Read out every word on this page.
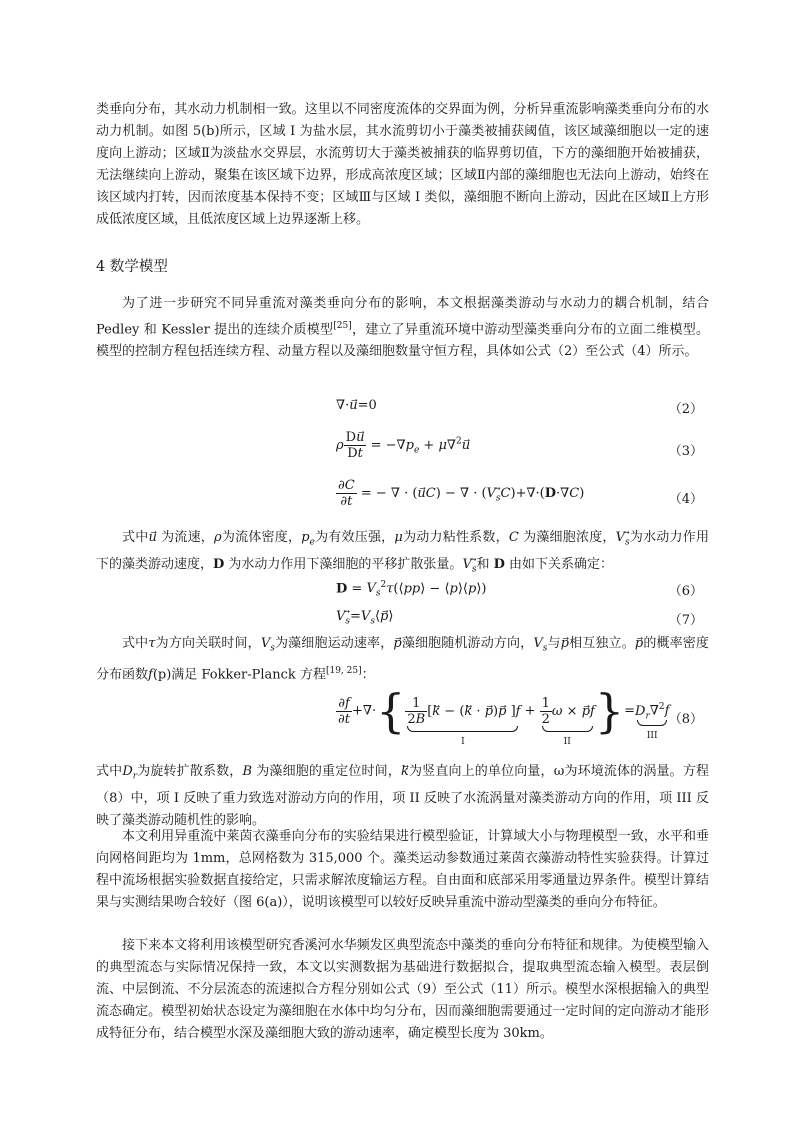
类垂向分布，其水动力机制相一致。这里以不同密度流体的交界面为例，分析异重流影响藻类垂向分布的水动力机制。如图 5(b)所示，区域 I 为盐水层，其水流剪切小于藻类被捕获阈值，该区域藻细胞以一定的速度向上游动；区域Ⅱ为淡盐水交界层，水流剪切大于藻类被捕获的临界剪切值，下方的藻细胞开始被捕获，无法继续向上游动，聚集在该区域下边界，形成高浓度区域；区域Ⅱ内部的藻细胞也无法向上游动，始终在该区域内打转，因而浓度基本保持不变；区域Ⅲ与区域 I 类似，藻细胞不断向上游动，因此在区域Ⅱ上方形成低浓度区域，且低浓度区域上边界逐渐上移。

4 数学模型

为了进一步研究不同异重流对藻类垂向分布的影响，本文根据藻类游动与水动力的耦合机制，结合 Pedley 和 Kessler 提出的连续介质模型[25]，建立了异重流环境中游动型藻类垂向分布的立面二维模型。模型的控制方程包括连续方程、动量方程以及藻细胞数量守恒方程，具体如公式（2）至公式（4）所示。

∇·u⃗=0	（2）
ρ $\frac{Du}{Dt} = -\nabla p_e + \mu\nabla^2u$	（3）
$\frac{\partial C}{\partial t}$ = − ∇ · (uC) − ∇ · $(V_sC)+\nabla\cdot(D\cdot\nabla C)$	（4）

式中u 为流速，ρ为流体密度，$p_e$为有效压强，μ为动力粘性系数，C 为藻细胞浓度，$V_s$为水动力作用下的藻类游动速度，D 为水动力作用下藻细胞的平移扩散张量。$V_s$和 D 由如下关系确定：

$D = V_s^2\tau(⟨pp⟩$ − ⟨p⟩⟨p⟩)	（6）
$V_s⃗=V_s⟨p⃗⟩$	（7）

式中τ为方向关联时间，$V_s$为藻细胞运动速率，p藻细胞随机游动方向，$V_s$与p相互独立。p的概率密度分布函数f(p)满足 Fokker-Planck 方程[19, 25]：

$\frac{\partial f}{\partial t}$ +∇·{ $\frac{1}{2B}$ [k⃗ − (k⃗ · p⃗)p⃗ ]f
I
+ $\frac{1}{2}$ ω × pf
II
}$=D_r\nabla^2f$
III
（8）

式中$D_r$为旋转扩散系数，B 为藻细胞的重定位时间，k为竖直向上的单位向量，ω为环境流体的涡量。方程（8）中，项 I 反映了重力致选对游动方向的作用，项 II 反映了水流涡量对藻类游动方向的作用，项 III 反映了藻类游动随机性的影响。

本文利用异重流中莱茵衣藻垂向分布的实验结果进行模型验证，计算域大小与物理模型一致，水平和垂向网格间距均为 1mm，总网格数为 315,000 个。藻类运动参数通过莱茵衣藻游动特性实验获得。计算过程中流场根据实验数据直接给定，只需求解浓度输运方程。自由面和底部采用零通量边界条件。模型计算结果与实测结果吻合较好（图 6(a)），说明该模型可以较好反映异重流中游动型藻类的垂向分布特征。

接下来本文将利用该模型研究香溪河水华频发区典型流态中藻类的垂向分布特征和规律。为使模型输入的典型流态与实际情况保持一致，本文以实测数据为基础进行数据拟合，提取典型流态输入模型。表层倒流、中层倒流、不分层流态的流速拟合方程分别如公式（9）至公式（11）所示。模型水深根据输入的典型流态确定。模型初始状态设定为藻细胞在水体中均匀分布，因而藻细胞需要通过一定时间的定向游动才能形成特征分布，结合模型水深及藻细胞大致的游动速率，确定模型长度为 30km。
